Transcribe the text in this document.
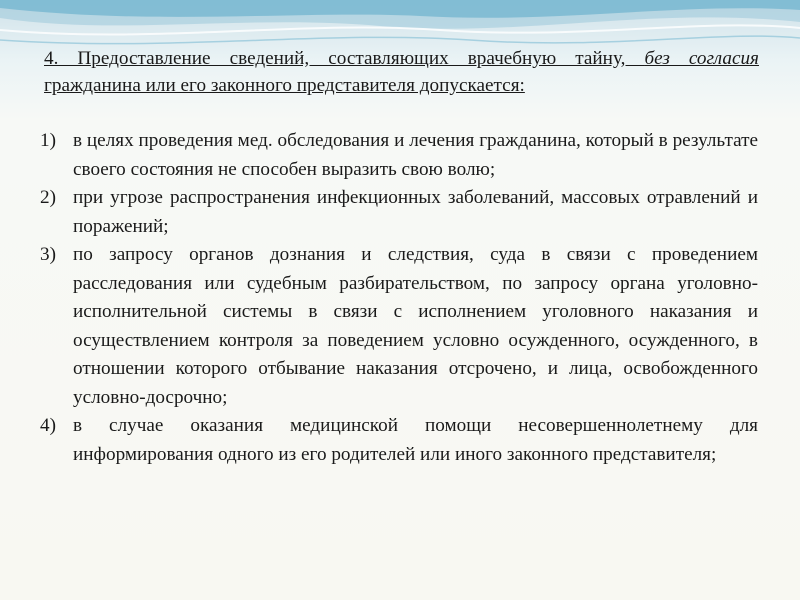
4. Предоставление сведений, составляющих врачебную тайну, без согласия гражданина или его законного представителя допускается:

1) в целях проведения мед. обследования и лечения гражданина, который в результате своего состояния не способен выразить свою волю;
2) при угрозе распространения инфекционных заболеваний, массовых отравлений и поражений;
3) по запросу органов дознания и следствия, суда в связи с проведением расследования или судебным разбирательством, по запросу органа уголовно-исполнительной системы в связи с исполнением уголовного наказания и осуществлением контроля за поведением условно осужденного, осужденного, в отношении которого отбывание наказания отсрочено, и лица, освобожденного условно-досрочно;
4) в случае оказания медицинской помощи несовершеннолетнему для информирования одного из его родителей или иного законного представителя;
